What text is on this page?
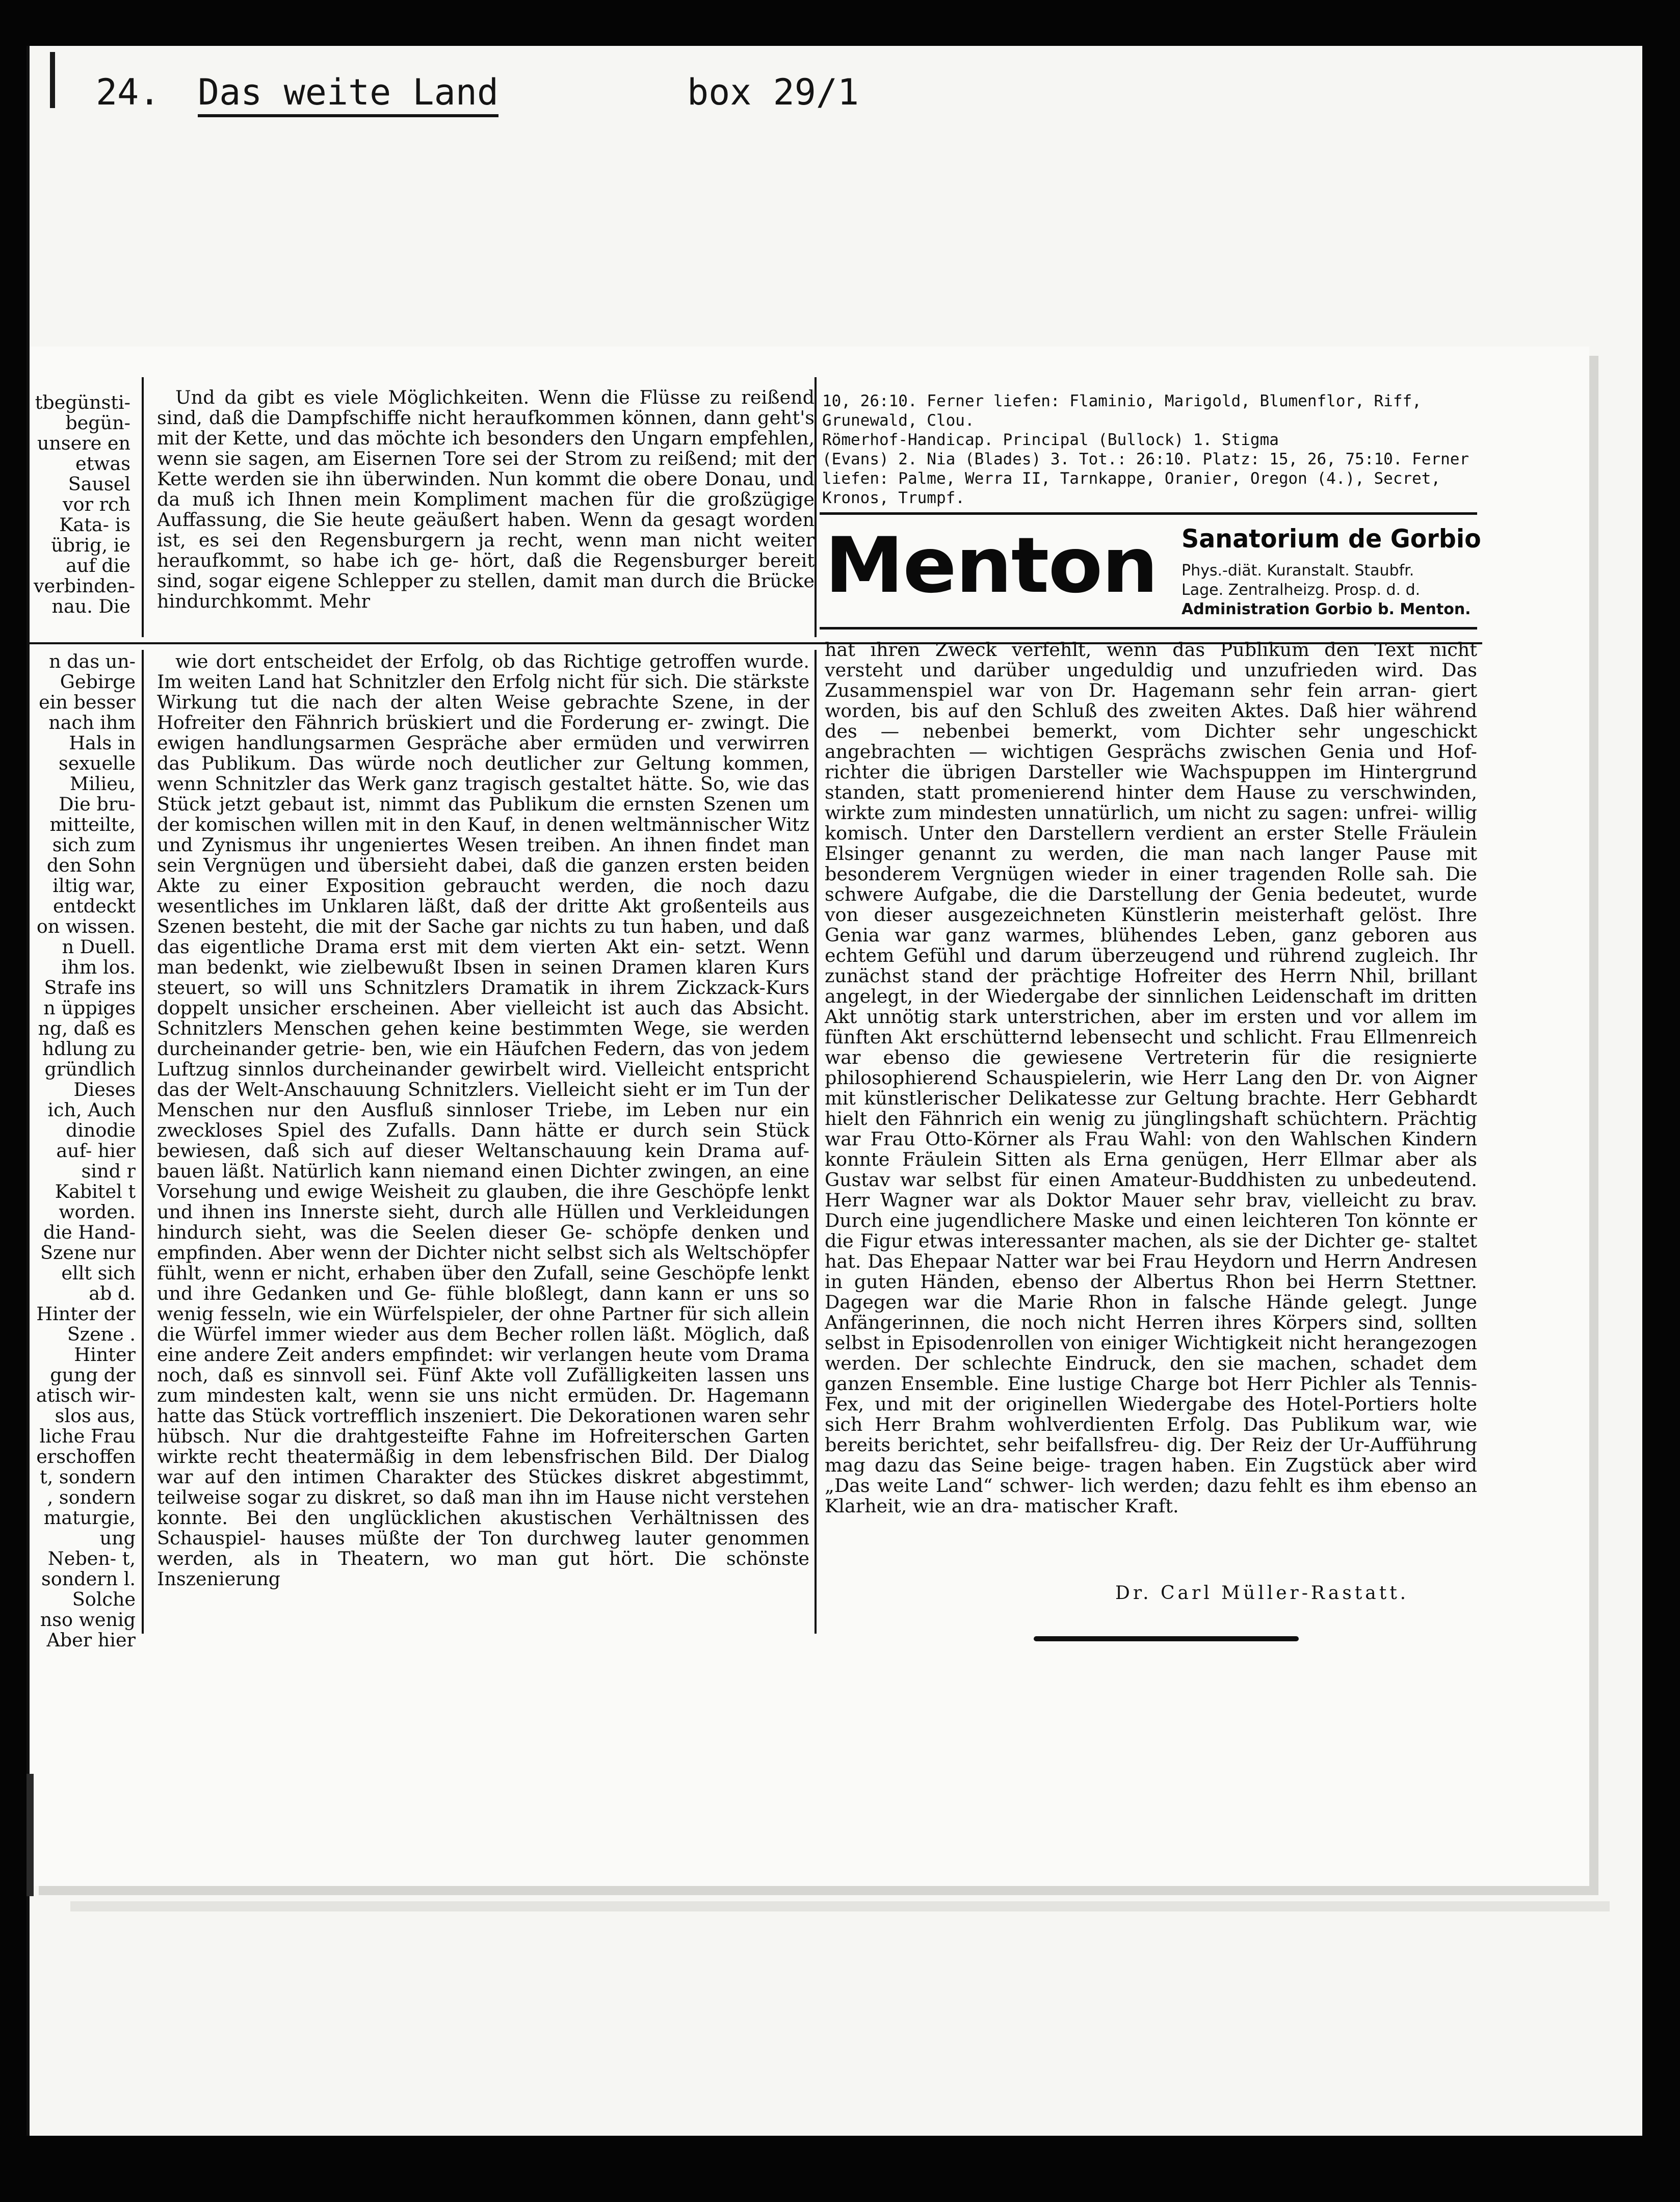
24. Das weite Land	box 29/1

tbegünsti- begün- unsere en etwas Sausel vor rch Kata- is übrig, ie auf die verbinden- nau. Die

Und da gibt es viele Möglichkeiten. Wenn die Flüsse zu reißend sind, daß die Dampfschiffe nicht heraufkommen können, dann geht's mit der Kette, und das möchte ich besonders den Ungarn empfehlen, wenn sie sagen, am Eisernen Tore sei der Strom zu reißend; mit der Kette werden sie ihn überwinden. Nun kommt die obere Donau, und da muß ich Ihnen mein Kompliment machen für die großzügige Auffassung, die Sie heute geäußert haben. Wenn da gesagt worden ist, es sei den Regensburgern ja recht, wenn man nicht weiter heraufkommt, so habe ich ge- hört, daß die Regensburger bereit sind, sogar eigene Schlepper zu stellen, damit man durch die Brücke hindurchkommt. Mehr

10, 26:10. Ferner liefen: Flaminio, Marigold, Blumenflor, Riff,
Grunewald, Clou.
Römerhof-Handicap. Principal (Bullock) 1. Stigma
(Evans) 2. Nia (Blades) 3. Tot.: 26:10. Platz: 15, 26, 75:10. Ferner
liefen: Palme, Werra II, Tarnkappe, Oranier, Oregon (4.), Secret,
Kronos, Trumpf.
Menton Sanatorium de Gorbio
Phys.-diät. Kuranstalt. Staubfr.
Lage. Zentralheizg. Prosp. d. d.
Administration Gorbio b. Menton.

n das un- Gebirge ein besser nach ihm Hals in sexuelle Milieu, Die bru- mitteilte, sich zum den Sohn iltig war, entdeckt on wissen. n Duell. ihm los. Strafe ins n üppiges ng, daß es hdlung zu gründlich Dieses ich, Auch dinodie auf- hier sind r Kabitel t worden. die Hand- Szene nur ellt sich ab d. Hinter der Szene . Hinter gung der atisch wir- slos aus, liche Frau erschoffen t, sondern , sondern maturgie, ung Neben- t, sondern l. Solche nso wenig Aber hier

wie dort entscheidet der Erfolg, ob das Richtige getroffen wurde. Im weiten Land hat Schnitzler den Erfolg nicht für sich. Die stärkste Wirkung tut die nach der alten Weise gebrachte Szene, in der Hofreiter den Fähnrich brüskiert und die Forderung er- zwingt. Die ewigen handlungsarmen Gespräche aber ermüden und verwirren das Publikum. Das würde noch deutlicher zur Geltung kommen, wenn Schnitzler das Werk ganz tragisch gestaltet hätte. So, wie das Stück jetzt gebaut ist, nimmt das Publikum die ernsten Szenen um der komischen willen mit in den Kauf, in denen weltmännischer Witz und Zynismus ihr ungeniertes Wesen treiben. An ihnen findet man sein Vergnügen und übersieht dabei, daß die ganzen ersten beiden Akte zu einer Exposition gebraucht werden, die noch dazu wesentliches im Unklaren läßt, daß der dritte Akt großenteils aus Szenen besteht, die mit der Sache gar nichts zu tun haben, und daß das eigentliche Drama erst mit dem vierten Akt ein- setzt. Wenn man bedenkt, wie zielbewußt Ibsen in seinen Dramen klaren Kurs steuert, so will uns Schnitzlers Dramatik in ihrem Zickzack-Kurs doppelt unsicher erscheinen. Aber vielleicht ist auch das Absicht. Schnitzlers Menschen gehen keine bestimmten Wege, sie werden durcheinander getrie- ben, wie ein Häufchen Federn, das von jedem Luftzug sinnlos durcheinander gewirbelt wird. Vielleicht entspricht das der Welt-Anschauung Schnitzlers. Vielleicht sieht er im Tun der Menschen nur den Ausfluß sinnloser Triebe, im Leben nur ein zweckloses Spiel des Zufalls. Dann hätte er durch sein Stück bewiesen, daß sich auf dieser Weltanschauung kein Drama auf- bauen läßt. Natürlich kann niemand einen Dichter zwingen, an eine Vorsehung und ewige Weisheit zu glauben, die ihre Geschöpfe lenkt und ihnen ins Innerste sieht, durch alle Hüllen und Verkleidungen hindurch sieht, was die Seelen dieser Ge- schöpfe denken und empfinden. Aber wenn der Dichter nicht selbst sich als Weltschöpfer fühlt, wenn er nicht, erhaben über den Zufall, seine Geschöpfe lenkt und ihre Gedanken und Ge- fühle bloßlegt, dann kann er uns so wenig fesseln, wie ein Würfelspieler, der ohne Partner für sich allein die Würfel immer wieder aus dem Becher rollen läßt. Möglich, daß eine andere Zeit anders empfindet: wir verlangen heute vom Drama noch, daß es sinnvoll sei. Fünf Akte voll Zufälligkeiten lassen uns zum mindesten kalt, wenn sie uns nicht ermüden. Dr. Hagemann hatte das Stück vortrefflich inszeniert. Die Dekorationen waren sehr hübsch. Nur die drahtgesteifte Fahne im Hofreiterschen Garten wirkte recht theatermäßig in dem lebensfrischen Bild. Der Dialog war auf den intimen Charakter des Stückes diskret abgestimmt, teilweise sogar zu diskret, so daß man ihn im Hause nicht verstehen konnte. Bei den unglücklichen akustischen Verhältnissen des Schauspiel- hauses müßte der Ton durchweg lauter genommen werden, als in Theatern, wo man gut hört. Die schönste Inszenierung

hat ihren Zweck verfehlt, wenn das Publikum den Text nicht versteht und darüber ungeduldig und unzufrieden wird. Das Zusammenspiel war von Dr. Hagemann sehr fein arran- giert worden, bis auf den Schluß des zweiten Aktes. Daß hier während des — nebenbei bemerkt, vom Dichter sehr ungeschickt angebrachten — wichtigen Gesprächs zwischen Genia und Hof- richter die übrigen Darsteller wie Wachspuppen im Hintergrund standen, statt promenierend hinter dem Hause zu verschwinden, wirkte zum mindesten unnatürlich, um nicht zu sagen: unfrei- willig komisch. Unter den Darstellern verdient an erster Stelle Fräulein Elsinger genannt zu werden, die man nach langer Pause mit besonderem Vergnügen wieder in einer tragenden Rolle sah. Die schwere Aufgabe, die die Darstellung der Genia bedeutet, wurde von dieser ausgezeichneten Künstlerin meisterhaft gelöst. Ihre Genia war ganz warmes, blühendes Leben, ganz geboren aus echtem Gefühl und darum überzeugend und rührend zugleich. Ihr zunächst stand der prächtige Hofreiter des Herrn Nhil, brillant angelegt, in der Wiedergabe der sinnlichen Leidenschaft im dritten Akt unnötig stark unterstrichen, aber im ersten und vor allem im fünften Akt erschütternd lebensecht und schlicht. Frau Ellmenreich war ebenso die gewiesene Vertreterin für die resignierte philosophierend Schauspielerin, wie Herr Lang den Dr. von Aigner mit künstlerischer Delikatesse zur Geltung brachte. Herr Gebhardt hielt den Fähnrich ein wenig zu jünglingshaft schüchtern. Prächtig war Frau Otto-Körner als Frau Wahl: von den Wahlschen Kindern konnte Fräulein Sitten als Erna genügen, Herr Ellmar aber als Gustav war selbst für einen Amateur-Buddhisten zu unbedeutend. Herr Wagner war als Doktor Mauer sehr brav, vielleicht zu brav. Durch eine jugendlichere Maske und einen leichteren Ton könnte er die Figur etwas interessanter machen, als sie der Dichter ge- staltet hat. Das Ehepaar Natter war bei Frau Heydorn und Herrn Andresen in guten Händen, ebenso der Albertus Rhon bei Herrn Stettner. Dagegen war die Marie Rhon in falsche Hände gelegt. Junge Anfängerinnen, die noch nicht Herren ihres Körpers sind, sollten selbst in Episodenrollen von einiger Wichtigkeit nicht herangezogen werden. Der schlechte Eindruck, den sie machen, schadet dem ganzen Ensemble. Eine lustige Charge bot Herr Pichler als Tennis-Fex, und mit der originellen Wiedergabe des Hotel-Portiers holte sich Herr Brahm wohlverdienten Erfolg. Das Publikum war, wie bereits berichtet, sehr beifallsfreu- dig. Der Reiz der Ur-Aufführung mag dazu das Seine beige- tragen haben. Ein Zugstück aber wird „Das weite Land“ schwer- lich werden; dazu fehlt es ihm ebenso an Klarheit, wie an dra- matischer Kraft.

Dr. Carl Müller-Rastatt.
